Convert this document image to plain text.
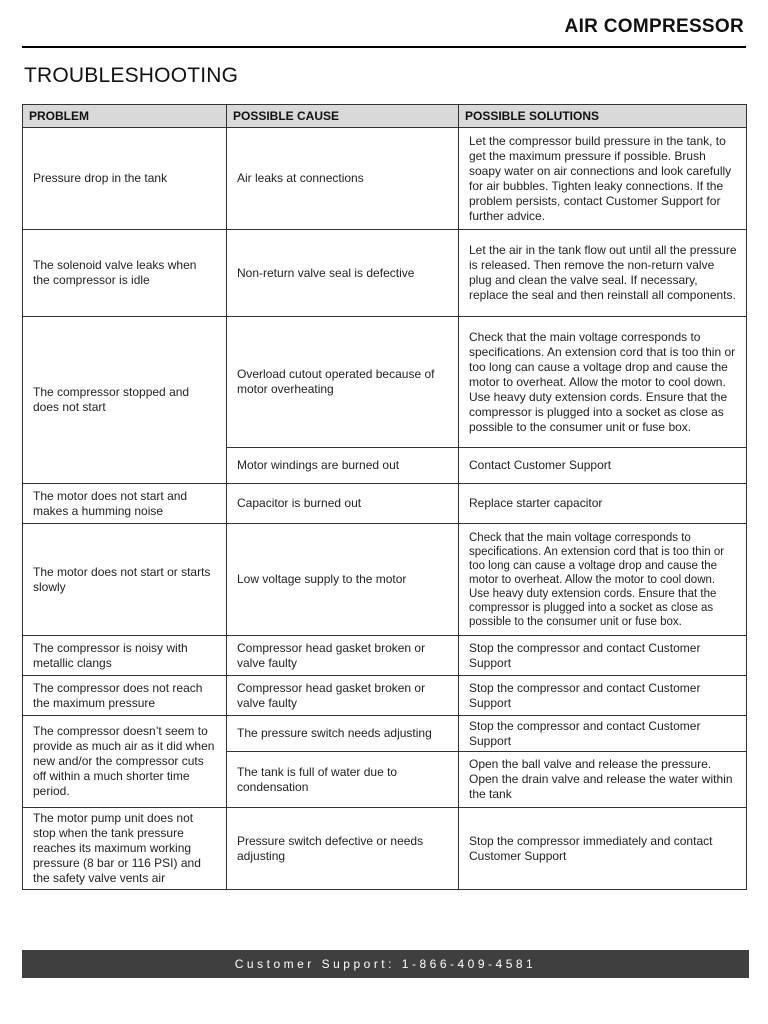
AIR COMPRESSOR
TROUBLESHOOTING
PROBLEM	POSSIBLE CAUSE	POSSIBLE SOLUTIONS
Pressure drop in the tank	Air leaks at connections	Let the compressor build pressure in the tank, to get the maximum pressure if possible. Brush soapy water on air connections and look carefully for air bubbles. Tighten leaky connections. If the problem persists, contact Customer Support for further advice.
The solenoid valve leaks when the compressor is idle	Non-return valve seal is defective	Let the air in the tank flow out until all the pressure is released. Then remove the non-return valve plug and clean the valve seal. If necessary, replace the seal and then reinstall all components.
The compressor stopped and does not start	Overload cutout operated because of motor overheating	Check that the main voltage corresponds to specifications. An extension cord that is too thin or too long can cause a voltage drop and cause the motor to overheat. Allow the motor to cool down. Use heavy duty extension cords. Ensure that the compressor is plugged into a socket as close as possible to the consumer unit or fuse box.
	Motor windings are burned out	Contact Customer Support
The motor does not start and makes a humming noise	Capacitor is burned out	Replace starter capacitor
The motor does not start or starts slowly	Low voltage supply to the motor	Check that the main voltage corresponds to specifications. An extension cord that is too thin or too long can cause a voltage drop and cause the motor to overheat. Allow the motor to cool down. Use heavy duty extension cords. Ensure that the compressor is plugged into a socket as close as possible to the consumer unit or fuse box.
The compressor is noisy with metallic clangs	Compressor head gasket broken or valve faulty	Stop the compressor and contact Customer Support
The compressor does not reach the maximum pressure	Compressor head gasket broken or valve faulty	Stop the compressor and contact Customer Support
The compressor doesn’t seem to provide as much air as it did when new and/or the compressor cuts off within a much shorter time period.	The pressure switch needs adjusting	Stop the compressor and contact Customer Support
	The tank is full of water due to condensation	Open the ball valve and release the pressure. Open the drain valve and release the water within the tank
The motor pump unit does not stop when the tank pressure reaches its maximum working pressure (8 bar or 116 PSI) and the safety valve vents air	Pressure switch defective or needs adjusting	Stop the compressor immediately and contact Customer Support
Customer Support: 1-866-409-4581
